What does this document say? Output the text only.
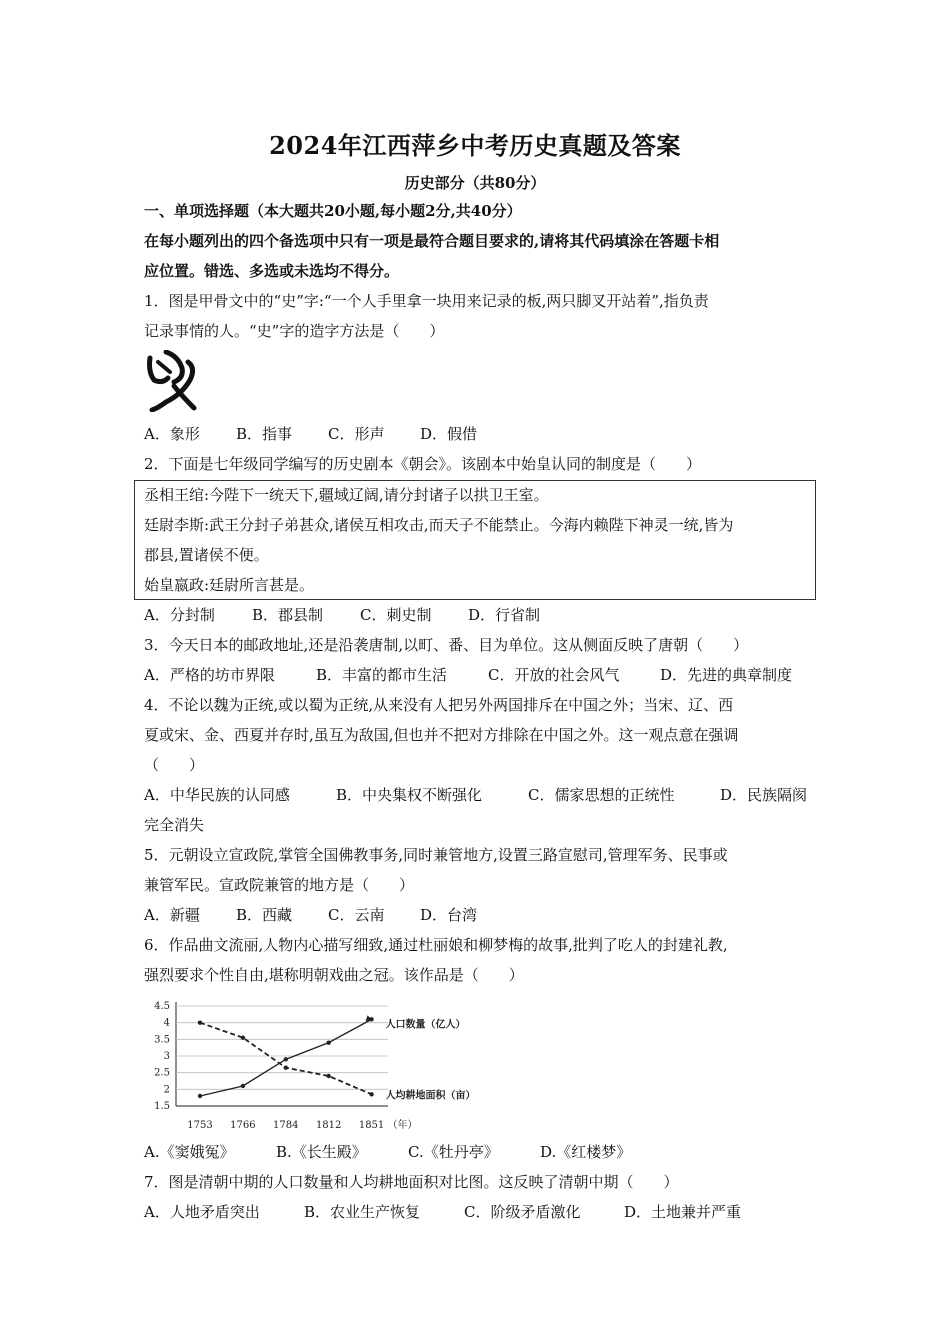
2024年江西萍乡中考历史真题及答案
历史部分（共80分）
一、单项选择题（本大题共20小题,每小题2分,共40分）
在每小题列出的四个备选项中只有一项是最符合题目要求的,请将其代码填涂在答题卡相
应位置。错选、多选或未选均不得分。
1．图是甲骨文中的“史”字:“一个人手里拿一块用来记录的板,两只脚叉开站着”,指负责
记录事情的人。“史”字的造字方法是（　　）
A．象形 B．指事 C．形声 D．假借
2．下面是七年级同学编写的历史剧本《朝会》。该剧本中始皇认同的制度是（　　）
丞相王绾:今陛下一统天下,疆域辽阔,请分封诸子以拱卫王室。
廷尉李斯:武王分封子弟甚众,诸侯互相攻击,而天子不能禁止。今海内赖陛下神灵一统,皆为
郡县,置诸侯不便。
始皇嬴政:廷尉所言甚是。
A．分封制 B．郡县制 C．刺史制 D．行省制
3．今天日本的邮政地址,还是沿袭唐制,以町、番、目为单位。这从侧面反映了唐朝（　　）
A．严格的坊市界限	B．丰富的都市生活	C．开放的社会风气	D．先进的典章制度
4．不论以魏为正统,或以蜀为正统,从来没有人把另外两国排斥在中国之外；当宋、辽、西
夏或宋、金、西夏并存时,虽互为敌国,但也并不把对方排除在中国之外。这一观点意在强调
（　　）
A．中华民族的认同感	B．中央集权不断强化	C．儒家思想的正统性	D．民族隔阂
完全消失
5．元朝设立宣政院,掌管全国佛教事务,同时兼管地方,设置三路宣慰司,管理军务、民事或
兼管军民。宣政院兼管的地方是（　　）
A．新疆 B．西藏 C．云南 D．台湾
6．作品曲文流丽,人物内心描写细致,通过杜丽娘和柳梦梅的故事,批判了吃人的封建礼教,
强烈要求个性自由,堪称明朝戏曲之冠。该作品是（　　）
1.5
2
2.5
3
3.5
4
4.5
1753 1766 1784 1812 1851 （年）
人口数量（亿人）
人均耕地面积（亩）
A.《窦娥冤》	B.《长生殿》	C.《牡丹亭》	D.《红楼梦》
7．图是清朝中期的人口数量和人均耕地面积对比图。这反映了清朝中期（　　）
A．人地矛盾突出	B．农业生产恢复	C．阶级矛盾激化	D．土地兼并严重
